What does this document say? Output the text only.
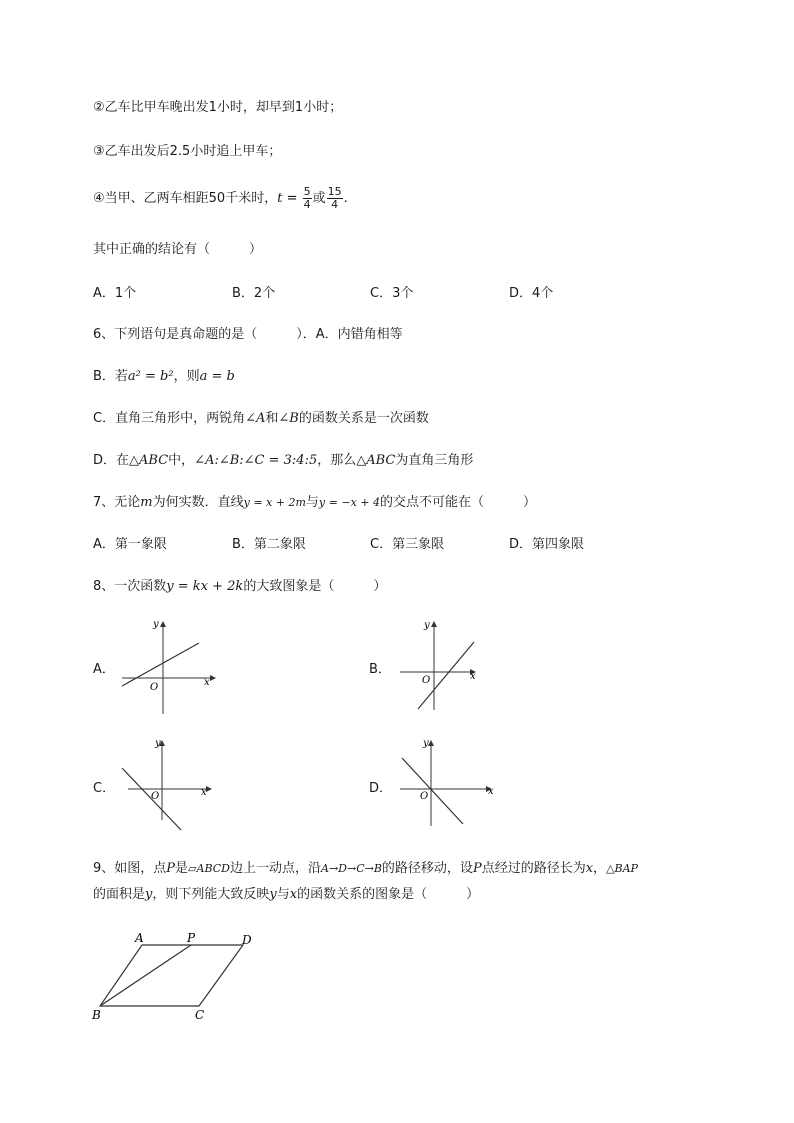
②乙车比甲车晚出发1小时，却早到1小时；
③乙车出发后2.5小时追上甲车；
④当甲、乙两车相距50千米时，$t = \frac{5}{4}$ 或 $\frac{15}{4}$ .
其中正确的结论有（　　　）
A．1个	B．2个	C．3个	D．4个
6、下列语句是真命题的是（　　　）．A．内错角相等
B．若a² = b²，则a = b
C．直角三角形中，两锐角∠A和∠B的函数关系是一次函数
D．在△ABC中，∠A:∠B:∠C = 3:4:5，那么△ABC为直角三角形
7、无论m为何实数．直线y = x + 2m与y = −x + 4的交点不可能在（　　　）
A．第一象限	B．第二象限	C．第三象限	D．第四象限
8、一次函数y = kx + 2k的大致图象是（　　　）
A．
x
y
O
B．	x
y
O
C．	x
y
O
D．	x
y
O
9、如图，点P是▱ABCD边上一动点，沿A→D→C→B的路径移动，设P点经过的路径长为x，△BAP
的面积是y，则下列能大致反映y与x的函数关系的图象是（　　　）
A	P	D
B	C
